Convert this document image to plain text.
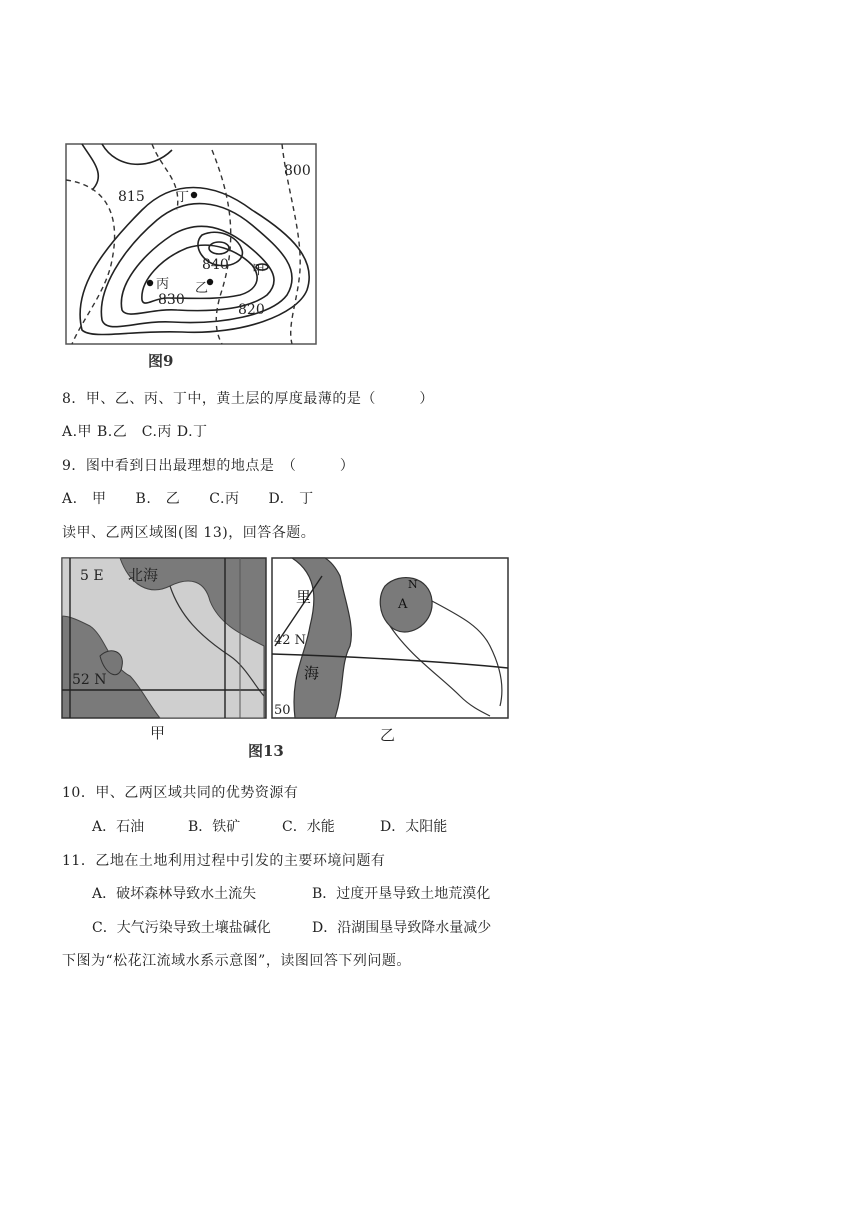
815
800
840
830
820
丁
丙 乙
甲
图9
8．甲、乙、丙、丁中，黄土层的厚度最薄的是（　　　）
A.甲 B.乙　C.丙 D.丁
9．图中看到日出最理想的地点是　（　　　）
A.　甲　　B.　乙　　C.丙　　D.　丁
读甲、乙两区域图(图 13)，回答各题。
5 E 北海
52 N
里
海
A
N
42 N
50
甲
图13
乙
10．甲、乙两区域共同的优势资源有
A．石油	B．铁矿	C．水能	D．太阳能
11．乙地在土地利用过程中引发的主要环境问题有
A．破坏森林导致水土流失	B．过度开垦导致土地荒漠化
C．大气污染导致土壤盐碱化	D．沿湖围垦导致降水量减少
下图为“松花江流域水系示意图”，读图回答下列问题。
